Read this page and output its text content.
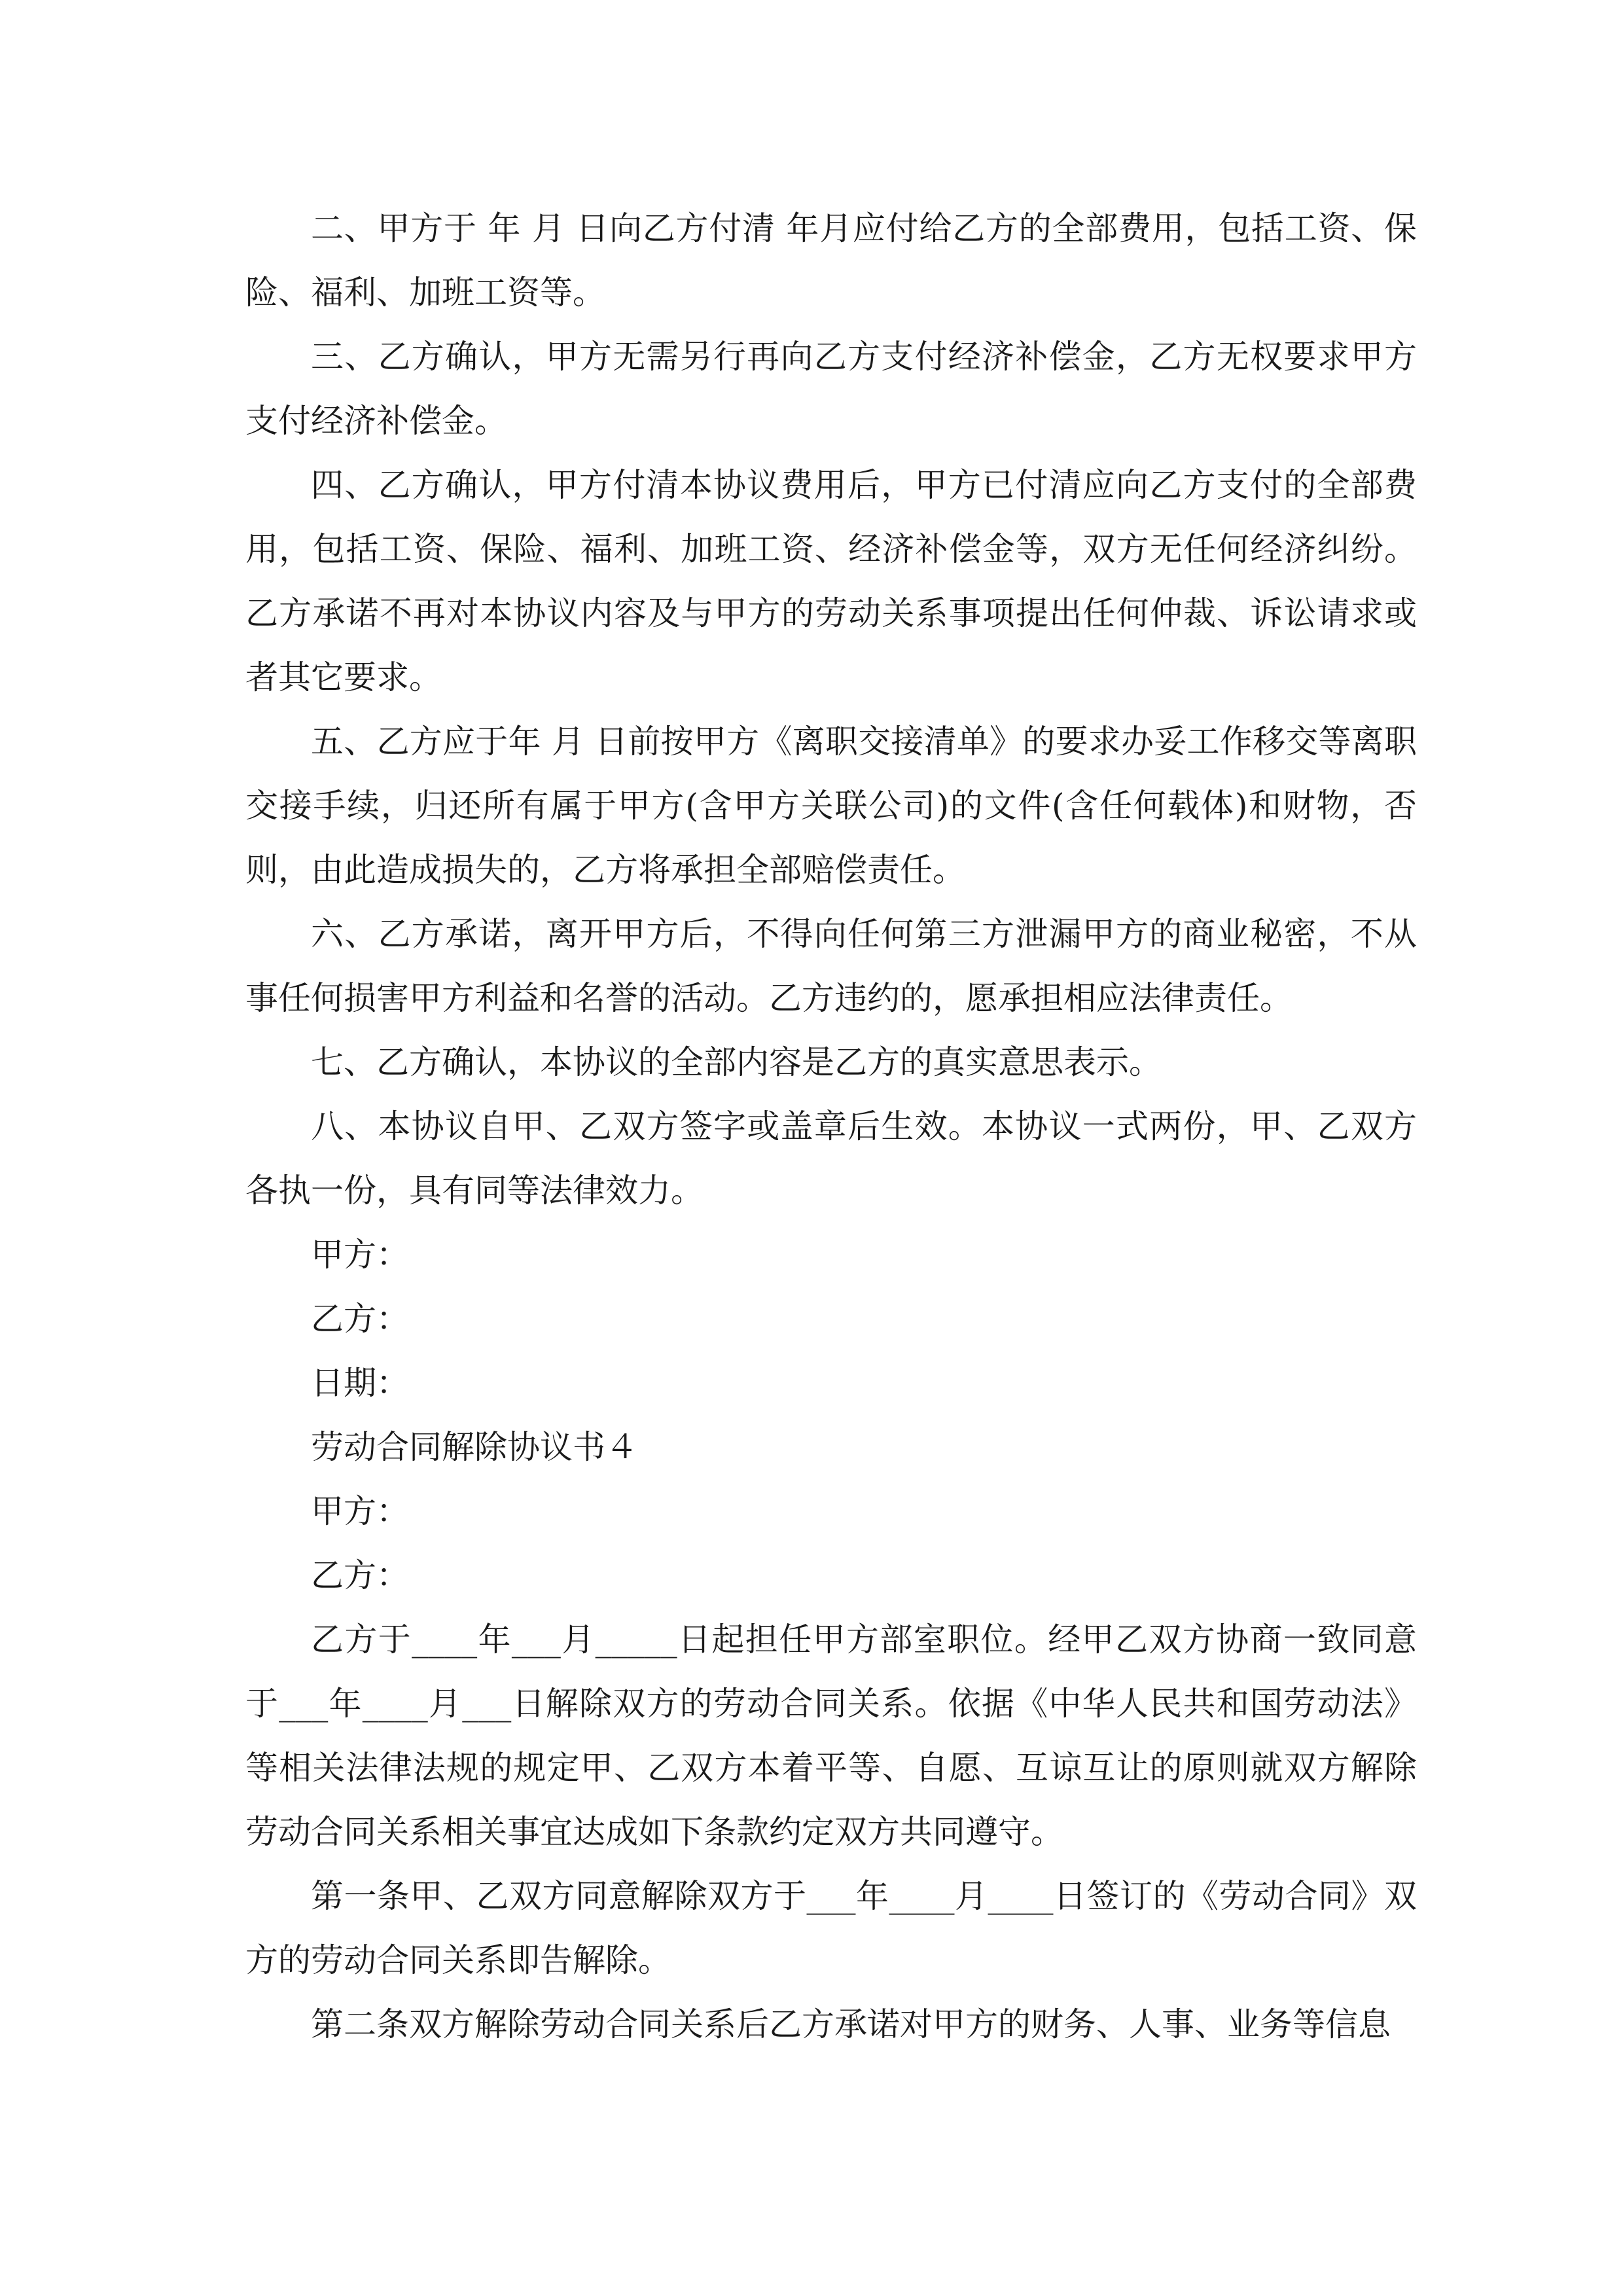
二、甲方于 年 月 日向乙方付清 年月应付给乙方的全部费用，包括工资、保险、福利、加班工资等。

三、乙方确认，甲方无需另行再向乙方支付经济补偿金，乙方无权要求甲方支付经济补偿金。

四、乙方确认，甲方付清本协议费用后，甲方已付清应向乙方支付的全部费用，包括工资、保险、福利、加班工资、经济补偿金等，双方无任何经济纠纷。乙方承诺不再对本协议内容及与甲方的劳动关系事项提出任何仲裁、诉讼请求或者其它要求。

五、乙方应于年 月 日前按甲方《离职交接清单》的要求办妥工作移交等离职交接手续，归还所有属于甲方(含甲方关联公司)的文件(含任何载体)和财物，否则，由此造成损失的，乙方将承担全部赔偿责任。

六、乙方承诺，离开甲方后，不得向任何第三方泄漏甲方的商业秘密，不从事任何损害甲方利益和名誉的活动。乙方违约的，愿承担相应法律责任。

七、乙方确认，本协议的全部内容是乙方的真实意思表示。

八、本协议自甲、乙双方签字或盖章后生效。本协议一式两份，甲、乙双方各执一份，具有同等法律效力。

甲方：

乙方：

日期：

劳动合同解除协议书４

甲方：

乙方：

乙方于____年___月_____日起担任甲方部室职位。经甲乙双方协商一致同意于___年____月___日解除双方的劳动合同关系。依据《中华人民共和国劳动法》等相关法律法规的规定甲、乙双方本着平等、自愿、互谅互让的原则就双方解除劳动合同关系相关事宜达成如下条款约定双方共同遵守。

第一条甲、乙双方同意解除双方于___年____月____日签订的《劳动合同》双方的劳动合同关系即告解除。

第二条双方解除劳动合同关系后乙方承诺对甲方的财务、人事、业务等信息
